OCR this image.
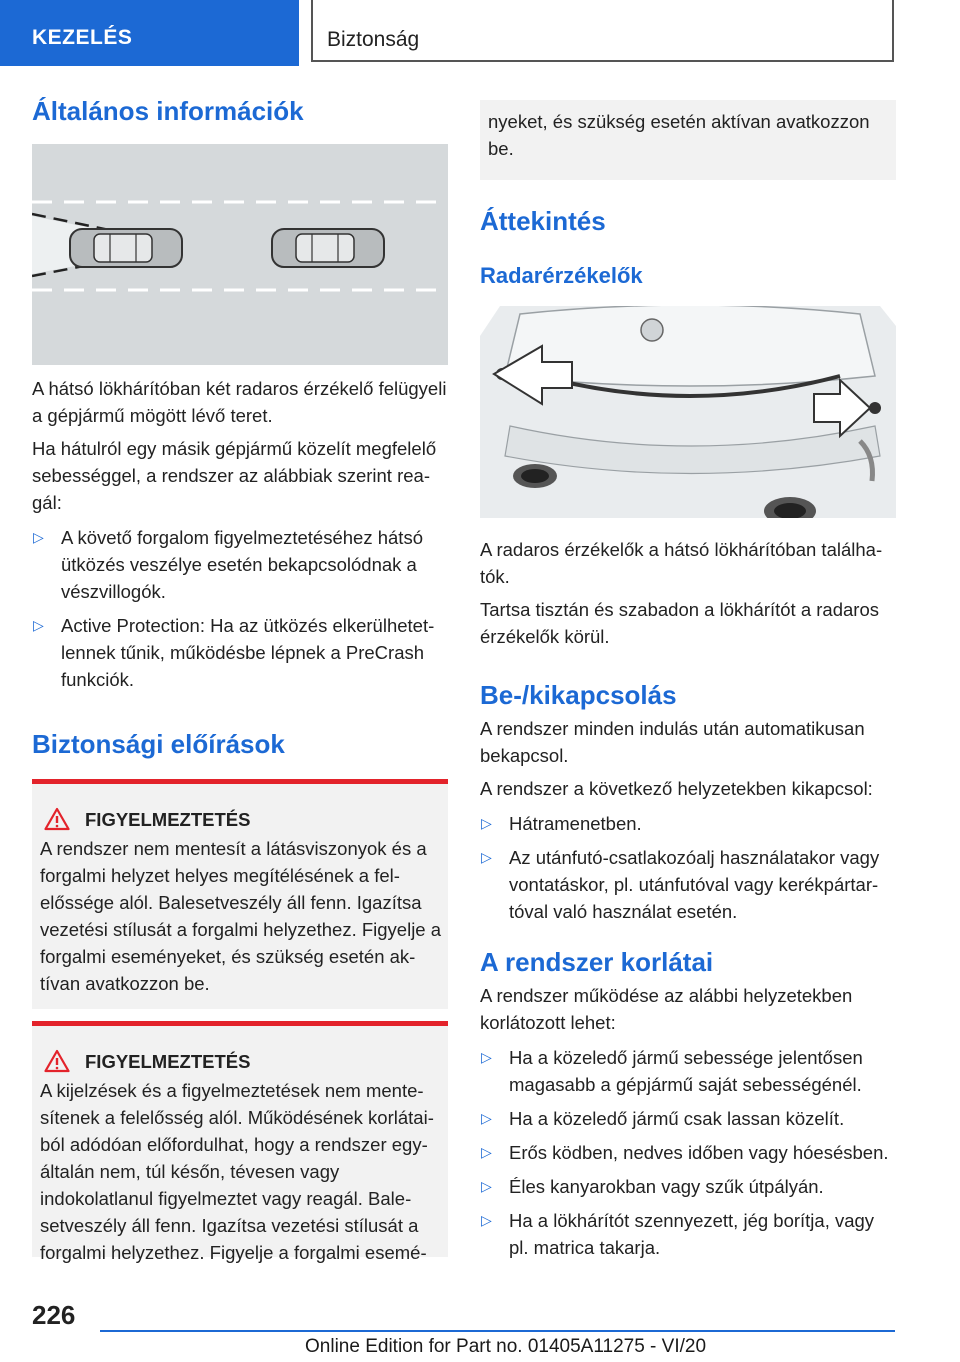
KEZELÉS	Biztonság
Általános információk

A hátsó lökhárítóban két radaros érzékelő felügyeli a gépjármű mögött lévő teret.

Ha hátulról egy másik gépjármű közelít megfelelő sebességgel, a rendszer az alábbiak szerint reagál:

▷ A követő forgalom figyelmeztetéséhez hátsó ütközés veszélye esetén bekapcsolódnak a vészvillogók.
▷ Active Protection: Ha az ütközés elkerülhetetlennek tűnik, működésbe lépnek a PreCrash funkciók.
Biztonsági előírások
FIGYELMEZTETÉS

A rendszer nem mentesít a látásviszonyok és a forgalmi helyzet helyes megítélésének a felelőssége alól. Balesetveszély áll fenn. Igazítsa vezetési stílusát a forgalmi helyzethez. Figyelje a forgalmi eseményeket, és szükség esetén aktívan avatkozzon be.

FIGYELMEZTETÉS

A kijelzések és a figyelmeztetések nem mentesítenek a felelősség alól. Működésének korlátaiból adódóan előfordulhat, hogy a rendszer egyáltalán nem, túl későn, tévesen vagy indokolatlanul figyelmeztet vagy reagál. Balesetveszély áll fenn. Igazítsa vezetési stílusát a forgalmi helyzethez. Figyelje a forgalmi esemé-

nyeket, és szükség esetén aktívan avatkozzon be.

Áttekintés
Radarérzékelők

A radaros érzékelők a hátsó lökhárítóban találhatók.

Tartsa tisztán és szabadon a lökhárítót a radaros érzékelők körül.

Be-/kikapcsolás

A rendszer minden indulás után automatikusan bekapcsol.

A rendszer a következő helyzetekben kikapcsol:

▷ Hátramenetben.
▷ Az utánfutó-csatlakozóalj használatakor vagy vontatáskor, pl. utánfutóval vagy kerékpártartóval való használat esetén.
A rendszer korlátai

A rendszer működése az alábbi helyzetekben korlátozott lehet:

▷ Ha a közeledő jármű sebessége jelentősen magasabb a gépjármű saját sebességénél.
▷ Ha a közeledő jármű csak lassan közelít.
▷ Erős ködben, nedves időben vagy hóesésben.
▷ Éles kanyarokban vagy szűk útpályán.
▷ Ha a lökhárítót szennyezett, jég borítja, vagy pl. matrica takarja.
226
Online Edition for Part no. 01405A11275 - VI/20
